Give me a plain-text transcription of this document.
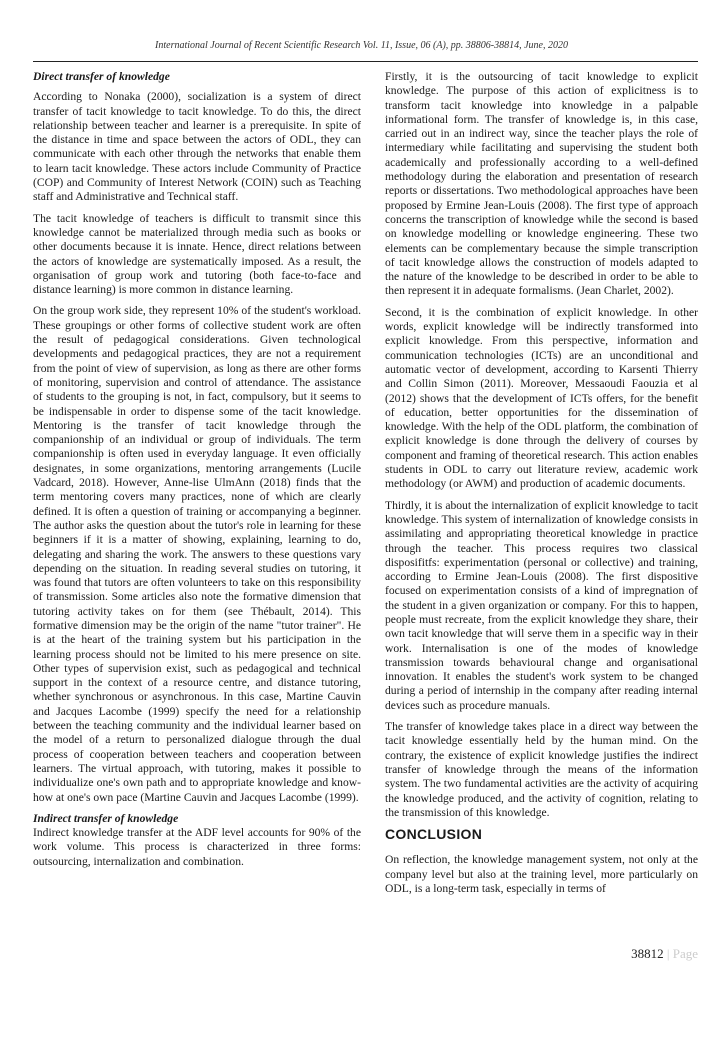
International Journal of Recent Scientific Research Vol. 11, Issue, 06 (A), pp. 38806-38814, June, 2020
Direct transfer of knowledge

According to Nonaka (2000), socialization is a system of direct transfer of tacit knowledge to tacit knowledge. To do this, the direct relationship between teacher and learner is a prerequisite. In spite of the distance in time and space between the actors of ODL, they can communicate with each other through the networks that enable them to learn tacit knowledge. These actors include Community of Practice (COP) and Community of Interest Network (COIN) such as Teaching staff and Administrative and Technical staff.

The tacit knowledge of teachers is difficult to transmit since this knowledge cannot be materialized through media such as books or other documents because it is innate. Hence, direct relations between the actors of knowledge are systematically imposed. As a result, the organisation of group work and tutoring (both face-to-face and distance learning) is more common in distance learning.

On the group work side, they represent 10% of the student's workload. These groupings or other forms of collective student work are often the result of pedagogical considerations. Given technological developments and pedagogical practices, they are not a requirement from the point of view of supervision, as long as there are other forms of monitoring, supervision and control of attendance. The assistance of students to the grouping is not, in fact, compulsory, but it seems to be indispensable in order to dispense some of the tacit knowledge. Mentoring is the transfer of tacit knowledge through the companionship of an individual or group of individuals. The term companionship is often used in everyday language. It even officially designates, in some organizations, mentoring arrangements (Lucile Vadcard, 2018). However, Anne-lise UlmAnn (2018) finds that the term mentoring covers many practices, none of which are clearly defined. It is often a question of training or accompanying a beginner. The author asks the question about the tutor's role in learning for these beginners if it is a matter of showing, explaining, learning to do, delegating and sharing the work. The answers to these questions vary depending on the situation. In reading several studies on tutoring, it was found that tutors are often volunteers to take on this responsibility of transmission. Some articles also note the formative dimension that tutoring activity takes on for them (see Thébault, 2014). This formative dimension may be the origin of the name "tutor trainer". He is at the heart of the training system but his participation in the learning process should not be limited to his mere presence on site. Other types of supervision exist, such as pedagogical and technical support in the context of a resource centre, and distance tutoring, whether synchronous or asynchronous. In this case, Martine Cauvin and Jacques Lacombe (1999) specify the need for a relationship between the teaching community and the individual learner based on the model of a return to personalized dialogue through the dual process of cooperation between teachers and cooperation between learners. The virtual approach, with tutoring, makes it possible to individualize one's own path and to appropriate knowledge and know-how at one's own pace (Martine Cauvin and Jacques Lacombe (1999).

Indirect transfer of knowledge

Indirect knowledge transfer at the ADF level accounts for 90% of the work volume. This process is characterized in three forms: outsourcing, internalization and combination.

Firstly, it is the outsourcing of tacit knowledge to explicit knowledge. The purpose of this action of explicitness is to transform tacit knowledge into knowledge in a palpable informational form. The transfer of knowledge is, in this case, carried out in an indirect way, since the teacher plays the role of intermediary while facilitating and supervising the student both academically and professionally according to a well-defined methodology during the elaboration and presentation of research reports or dissertations. Two methodological approaches have been proposed by Ermine Jean-Louis (2008). The first type of approach concerns the transcription of knowledge while the second is based on knowledge modelling or knowledge engineering. These two elements can be complementary because the simple transcription of tacit knowledge allows the construction of models adapted to the nature of the knowledge to be described in order to be able to then represent it in adequate formalisms. (Jean Charlet, 2002).

Second, it is the combination of explicit knowledge. In other words, explicit knowledge will be indirectly transformed into explicit knowledge. From this perspective, information and communication technologies (ICTs) are an unconditional and automatic vector of development, according to Karsenti Thierry and Collin Simon (2011). Moreover, Messaoudi Faouzia et al (2012) shows that the development of ICTs offers, for the benefit of education, better opportunities for the dissemination of knowledge. With the help of the ODL platform, the combination of explicit knowledge is done through the delivery of courses by component and framing of theoretical research. This action enables students in ODL to carry out literature review, academic work methodology (or AWM) and production of academic documents.

Thirdly, it is about the internalization of explicit knowledge to tacit knowledge. This system of internalization of knowledge consists in assimilating and appropriating theoretical knowledge in practice through the teacher. This process requires two classical disposifitfs: experimentation (personal or collective) and training, according to Ermine Jean-Louis (2008). The first dispositive focused on experimentation consists of a kind of impregnation of the student in a given organization or company. For this to happen, people must recreate, from the explicit knowledge they share, their own tacit knowledge that will serve them in a specific way in their work. Internalisation is one of the modes of knowledge transmission towards behavioural change and organisational innovation. It enables the student's work system to be changed during a period of internship in the company after reading internal devices such as procedure manuals.

The transfer of knowledge takes place in a direct way between the tacit knowledge essentially held by the human mind. On the contrary, the existence of explicit knowledge justifies the indirect transfer of knowledge through the means of the information system. The two fundamental activities are the activity of acquiring the knowledge produced, and the activity of cognition, relating to the transmission of this knowledge.

CONCLUSION

On reflection, the knowledge management system, not only at the company level but also at the training level, more particularly on ODL, is a long-term task, especially in terms of

38812 | Page
